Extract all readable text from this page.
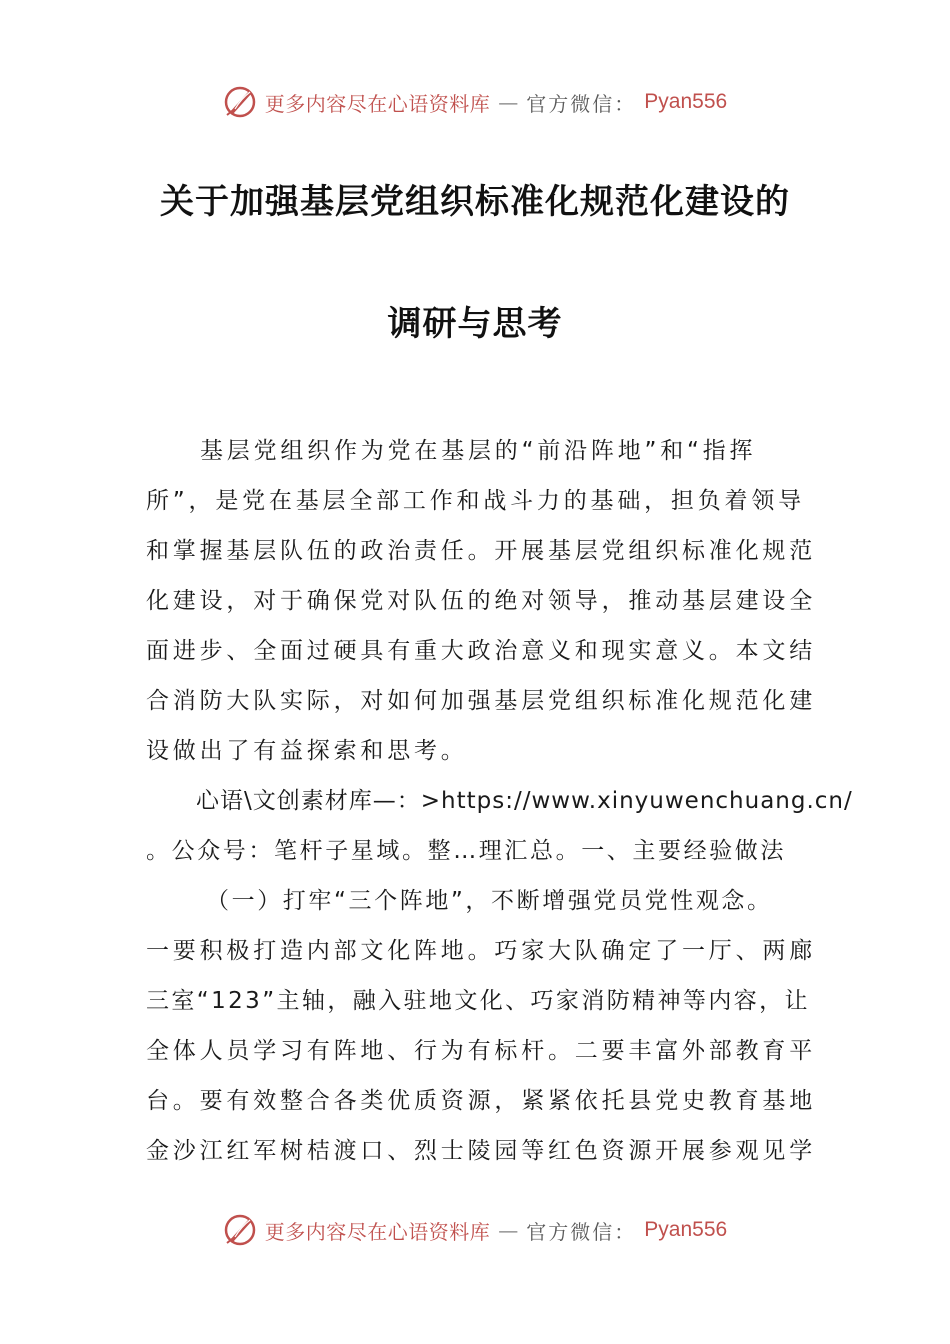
更多内容尽在心语资料库 — 官方微信： Pyan556
关于加强基层党组织标准化规范化建设的
调研与思考
基层党组织作为党在基层的“前沿阵地”和“指挥
所”，是党在基层全部工作和战斗力的基础，担负着领导
和掌握基层队伍的政治责任。开展基层党组织标准化规范
化建设，对于确保党对队伍的绝对领导，推动基层建设全
面进步、全面过硬具有重大政治意义和现实意义。本文结
合消防大队实际，对如何加强基层党组织标准化规范化建
设做出了有益探索和思考。
心语\文创素材库—：>https://www.xinyuwenchuang.cn/
。公众号：笔杆子星域。整…理汇总。一、主要经验做法
（一）打牢“三个阵地”，不断增强党员党性观念。
一要积极打造内部文化阵地。巧家大队确定了一厅、两廊
三室“123”主轴，融入驻地文化、巧家消防精神等内容，让
全体人员学习有阵地、行为有标杆。二要丰富外部教育平
台。要有效整合各类优质资源，紧紧依托县党史教育基地
金沙江红军树桔渡口、烈士陵园等红色资源开展参观见学
更多内容尽在心语资料库 — 官方微信： Pyan556
